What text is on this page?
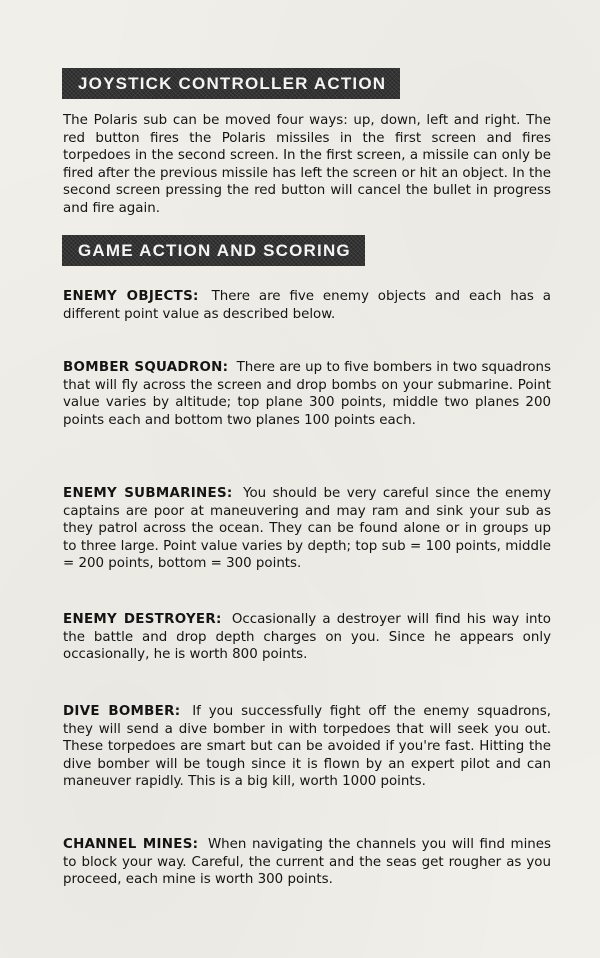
JOYSTICK CONTROLLER ACTION
The Polaris sub can be moved four ways: up, down, left and right. The red button fires the Polaris missiles in the first screen and fires torpedoes in the second screen. In the first screen, a missile can only be fired after the previous missile has left the screen or hit an object. In the second screen pressing the red button will cancel the bullet in progress and fire again.
GAME ACTION AND SCORING
ENEMY OBJECTS: There are five enemy objects and each has a different point value as described below.
BOMBER SQUADRON: There are up to five bombers in two squadrons that will fly across the screen and drop bombs on your submarine. Point value varies by altitude; top plane 300 points, middle two planes 200 points each and bottom two planes 100 points each.
ENEMY SUBMARINES: You should be very careful since the enemy captains are poor at maneuvering and may ram and sink your sub as they patrol across the ocean. They can be found alone or in groups up to three large. Point value varies by depth; top sub = 100 points, middle = 200 points, bottom = 300 points.
ENEMY DESTROYER: Occasionally a destroyer will find his way into the battle and drop depth charges on you. Since he appears only occasionally, he is worth 800 points.
DIVE BOMBER: If you successfully fight off the enemy squadrons, they will send a dive bomber in with torpedoes that will seek you out. These torpedoes are smart but can be avoided if you're fast. Hitting the dive bomber will be tough since it is flown by an expert pilot and can maneuver rapidly. This is a big kill, worth 1000 points.
CHANNEL MINES: When navigating the channels you will find mines to block your way. Careful, the current and the seas get rougher as you proceed, each mine is worth 300 points.
